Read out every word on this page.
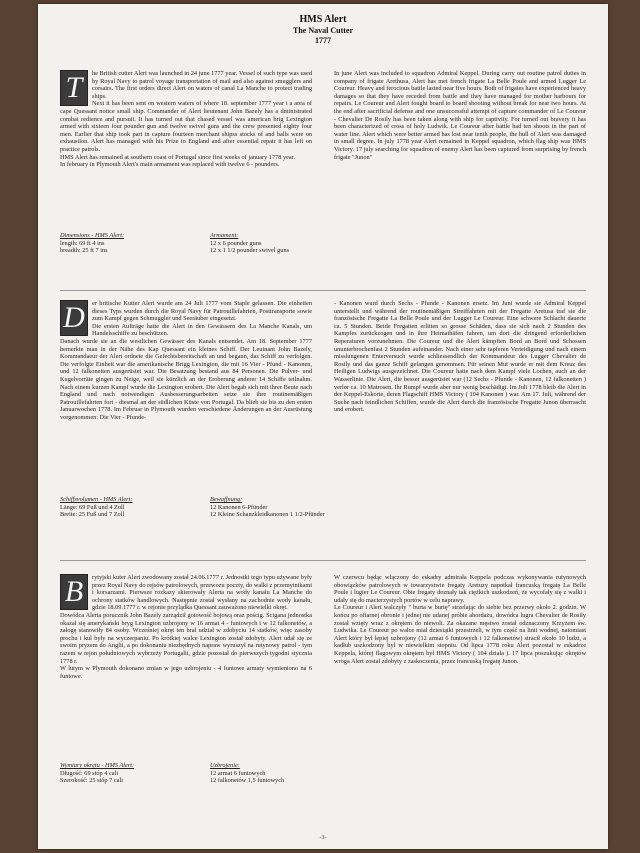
HMS Alert
The Naval Cutter
1777
T	he British cutter Alert was launched in 24 june 1777 year. Vessel of such type was used by Royal Navy to patrol voyage transportation of mail and also against smugglers and corsairs. The first orders direct Alert on waters of canal La Manche to protect trading ships.
Next it has been sent on western waters of where 18. september 1777 year i a area of cape Quessant notice small ship. Commander of Alert lieutenant John Bazely has a dministrated combat redience and pursuit. It has turned out that chased vessel was american brig Lexington armed with sixteen four pounder gun and twelve swivel guns and the crew presented eighty four men. Earlier that ship took part in capture fourteen merchant shipss stocks of and balls were on exhaustion. Alert has managed with his Prize to England and after essential repair it has left on practice patrols.
HMS Alert has remained at southern coast of Portugal since first weeks of january 1778 year.
In february in Plymouth Alert's main armament was replaced with twelve 6 - pounders.
In june Alert was included to squadron Admiral Keppel. During carry out routine patrol duties in company of frigate Arethusa, Alert has met french frigate La Belle Poule and armed Lugger Le Coureur. Heavy and ferocious battle lasted near five hours. Both of frigates have experienced heavy damages so that they have receded from battle and they have managed for mother harbours for repairs. Le Coureur and Alert fought board to board shooting without break for near two hours. At the end after sacrificial defense and one unsuccessful attempt of capture commander of Le Coureur - Chevalier De Rosily has been taken along with ship for captivity. For turned out bravery it has been characterized of cross of holy Ludwik. Le Coureur after battle had ten shoots in the part of water line. Alert which were better armed has lost near tenth people, the hull of Alert was damaged in small degree. In july 1778 year Alert remained in Keppel squadron, which flag ship was HMS Victory. 17 july searching for squadron of enemy Alert has been captured from surprising by french frigate "Junon"
Dimensions - HMS Alert:
length: 69 ft 4 ins
breadth: 25 ft 7 ins
Armament:
12 x 6 pounder guns
12 x 1 1/2 pounder swivel guns
D	er britische Kutter Alert wurde am 24 Juli 1777 vom Staple gelassen. Die einheiten dieses Typs wurden durch die Royal Navy für Patrouillefahrten, Posttransporte sowie zum Kampf gegen Schmuggler und Seeräuber eingesetzt.
Die ersten Aufträge hatte die Alert in den Gewässern des La Manche Kanals, um Handelsschiffe zu beschützen.
Danach wurde sie an die westlichen Gewässer des Kanals entsendet. Am 18. September 1777 bemerkte man in der Nähe des Kap Quessant ein kleines Schiff. Der Leutnant John Bazely, Kommandaeur der Alert ordnete die Gefechtsbereitschaft an und begann, das Schiff zu verfolgen. Die verfolgte Einheit war die amerikanische Brigg Lexington, die mit 16 Vier - Pfund - Kanonen, und 12 falkonetten ausgerüstet war. Die Besatzung bestand aus 84 Personen. Die Pulver- und Kugelvorräte gingen zu Neige, weil sie kürzlich an der Eroberung anderer 14 Schiffe teilnahm. Nach einem kurzen Kampf wurde die Lexington erobert. Die Alert begab sich mit ihrer Beute nach England und nach notwendigen Ausbesserungsarbeiten setze sie ihre routinemäßigen Patrouillefahrten fort - diesmal an der südlichen Küste von Portugal. Da blieb sie bis zu den ersten Januarwochen 1778. Im Februar in Plymouth wurden verschiedene Änderungen an der Ausrüstung vorgenommen: Die Vier - Pfunde-
- Kanonen wurd durch Sechs - Pfunde - Kanonen ersetz. Im Juni wurde sie Admiral Keppel unterstellt und während der routinemäßigen Streiffahrten mit der Fregatte Aretusa traf sie die französische Fregatte La Belle Poule und der Lugger Le Coureur. Eine schwere Schlacht dauerte ca. 5 Stunden. Beide Fregatten erlitten so grosse Schäden, dass sie sich nach 2 Stunden des Kampfes zurückzogen und in ihre Heimathäfen fahren, um dort die dringend erforderlichen Reperaturen vorzunehmen. Die Coureur und die Alert kämpften Bord an Bord und Schossen ununterbrochenfast 2 Stunden aufeinander. Nach einer sehr tapferen Verteidigung und nach einem misslungenen Enterversuch wurde schliessendlich der Kommandeur des Lugger Chevalier de Rosily und das ganze Schiff gefangen genommen. Für seinen Mut wurde er mit dem Kreuz des Heiligen Ludwigs ausgezeichnet. Die Coureur hatte nach dem Kampf viele Lochen, auch an der Wasserlinie. Die Alert, die besser ausgerüstet war (12 Sechs - Pfunde - Kanonen, 12 falkonetten ) verlor ca. 10 Matrosen. Ihr Rumpf wurde aber nur wenig beschädigt. Im Juli 1778 bleib die Alert in der Keppel-Eskorte, deren Flagschiff HMS Victory ( 104 Kanonen ) war. Am 17. Juli, während der Suche nach feindlichen Schiffen, wurde die Alert durch die französische Fregatte Junon überrascht und erobert.
Schiffsvolumen - HMS Alert:
Länge: 69 Fuß und 4 Zoll
Breite: 25 Fuß und 7 Zoll
Bewaffnung:
12 Kanonen 6-Pfünder
12 Kleine Schanzkleidkanonen 1 1/2-Pfünder
B	rytyjski kuter Alert zwodowany został 24.06.1777 r. Jednostki tego typu używane były przez Royal Navy do rejsów patrolowych, przewozu poczty, do walki z przemytnikami i korsarzami. Pierwsze rozkazy skierowały Alerta na wody kanału La Manche do ochrony statków handlowych. Następnie został wysłany na zachodnie wody kanału, gdzie 18.09.1777 r. w rejonie przylądka Quessant zauważono niewielki okręt.
Dowódca Alerta porucznik John Bazely zarządził gotowość bojową oraz pościg. Ścigana jednostka okazał się amerykański bryg Lexington uzbrojony w 16 armat 4 - funtowych i w 12 falkonetów, a załogę stanowiły 84 osoby. Wcześniej okręt ten brał udział w zdobyciu 14 statków, więc zasoby prochu i kul były na wyczerpaniu. Po krótkiej walce Lexington został zdobyty. Alert udał się ze swoim pryzem do Anglii, a po dokonaniu niezbędnych napraw wyruszył na rutynowy patrol - tym razem w rejon południowych wybrzeży Portugalii, gdzie pozostał do pierwszych tygodni stycznia 1778 r.
W lutym w Plymouth dokonano zmian w jego uzbrojeniu - 4 funtowe armaty wymieniono na 6 funtowe.
W czerwcu będąc włączony do eskadry admirała Keppela podczas wykonywania rutynowych obowiązków patrolowych w towarzystwie fregaty Aretuzy napotkał francuską fregatę La Belle Poule i lugier Le Coureur. Obie fregaty doznały tak ciężkich uszkodzeń, że wycofały się z walki i udały się do macierzystych portów w celu naprawy.
Le Coureur i Alert walczyły " burta w burtę" strzelając do siebie bez przerwy około 2. godzin. W końcu po ofiarnej obronie i jednej nie udanej próbie abordażu, dowódca lugra Chevalier de Rosily został wzięty wraz z okrętem do niewoli. Za okazane męstwo został odznaczony Krzyżem św. Ludwika. Le Coureur po walce miał dziesiątki przestrzeli, w tym część na linii wodnej, natomiast Alert który był lepiej uzbrojony (12 armat 6 funtowych i 12 falkonetów) stracił około 10 ludzi, a kadłub uszkodzony był w niewielkim stopniu. Od lipca 1778 roku Alert pozostał w eskadrze Keppela, której flagowym okrętem był HMS Victory ( 104 działa ). 17 lipca poszukując okrętów wroga Alert został zdobyty z zaskoczenia, przez francuską fregatę Junon.
Wymiary okrętu - HMS Alert:
Długość: 69 stóp 4 cali
Szerokość: 25 stóp 7 cali
Uzbrojenie:
12 armat 6 funtowych
12 falkonetów 1,5 funtowych
-3-
